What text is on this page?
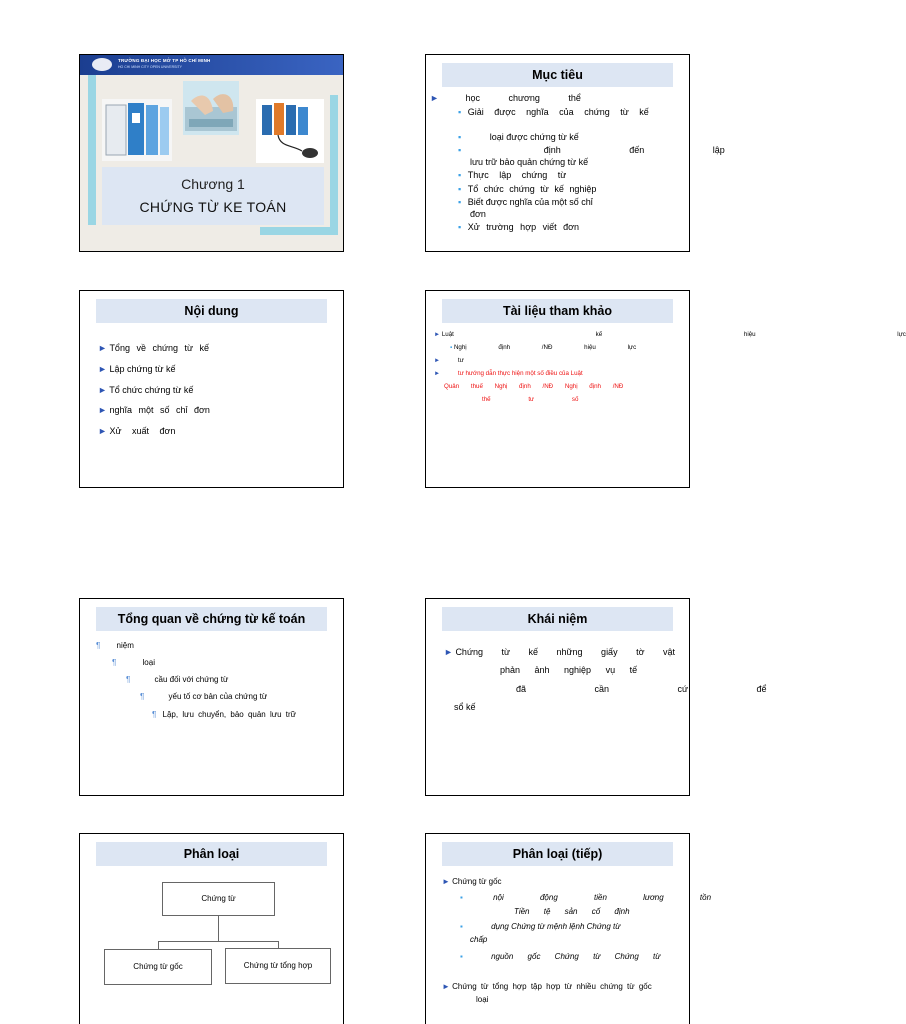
TRƯỜNG ĐẠI HỌC MỞ TP HỒ CHÍ MINH
HO CHI MINH CITY OPEN UNIVERSITY
Chương 1
CHỨNG TỪ KE TOÁN
Mục tiêu
►	học chương thể
▪ Giải được nghĩa của chứng từ kế
▪	loại được chứng từ kế
▪	định đến lập
lưu trữ bảo quản chứng từ kế
▪ Thực lập chứng từ
▪ Tổ chức chứng từ kế nghiệp
▪ Biết được nghĩa của một số chỉ
đơn
▪ Xử trường hợp viết đơn
Nội dung
► Tổng về chứng từ kế
► Lập chứng từ kế
► Tổ chức chứng từ kế
► nghĩa một số chỉ đơn
► Xử xuất đơn
Tài liệu tham khảo
► Luật kế hiệu lực
▪ Nghị định /NĐ hiệu lực
►	tư
►	tư hướng dẫn thực hiện một số điều của Luật
Quản thuế Nghị định /NĐ Nghị định /NĐ
thế tư số
Tổng quan về chứng từ kế toán
¶ niệm
¶	loại
¶	cầu đối với chứng từ
¶	yếu tố cơ bản của chứng từ
¶ Lập, lưu chuyển, bảo quản lưu trữ
Khái niệm
► Chứng từ kế những giấy tờ vật
phản ảnh nghiệp vụ tế
đã cần cứ để
sổ kế
Phân loại
Chứng từ
Chứng từ gốc	Chứng từ tổng hợp
Phân loại (tiếp)
► Chứng từ gốc
▪	nội động tiền lương tồn
Tiền tệ sản cố định
▪	dụng Chứng từ mệnh lệnh Chứng từ
chấp
▪	nguồn gốc Chứng từ Chứng từ
► Chứng từ tổng hợp tập hợp từ nhiều chứng từ gốc
loại
